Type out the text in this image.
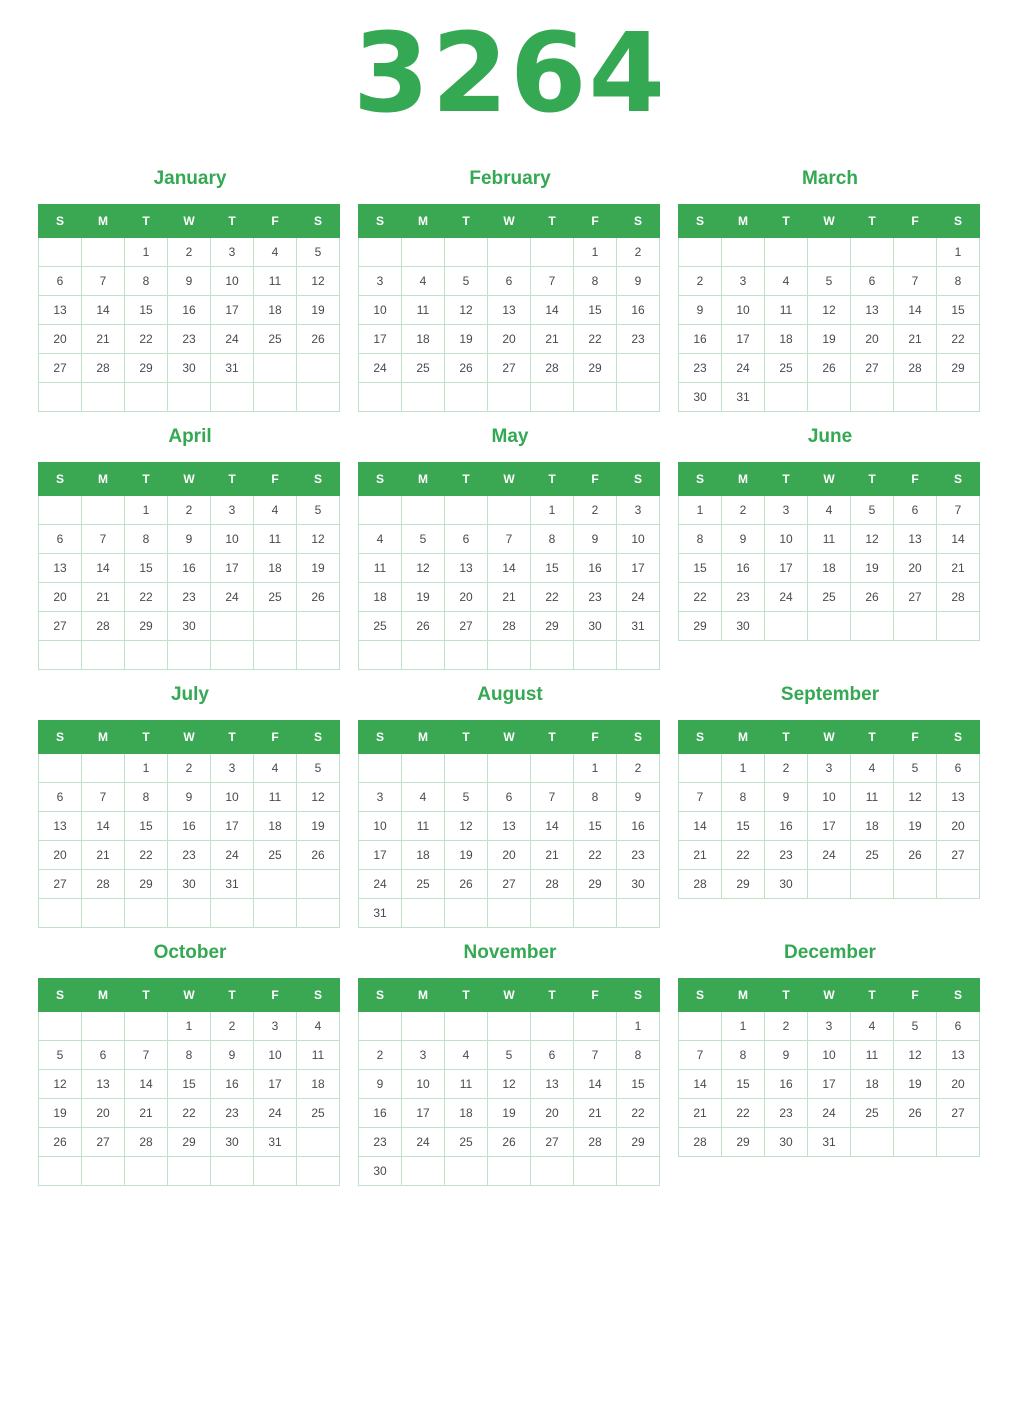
3264
January
S	M	T	W	T	F	S
		1	2	3	4	5
6	7	8	9	10	11	12
13	14	15	16	17	18	19
20	21	22	23	24	25	26
27	28	29	30	31		

February
S	M	T	W	T	F	S
					1	2
3	4	5	6	7	8	9
10	11	12	13	14	15	16
17	18	19	20	21	22	23
24	25	26	27	28	29	

March
S	M	T	W	T	F	S
						1
2	3	4	5	6	7	8
9	10	11	12	13	14	15
16	17	18	19	20	21	22
23	24	25	26	27	28	29
30	31					
April
S	M	T	W	T	F	S
		1	2	3	4	5
6	7	8	9	10	11	12
13	14	15	16	17	18	19
20	21	22	23	24	25	26
27	28	29	30			

May
S	M	T	W	T	F	S
				1	2	3
4	5	6	7	8	9	10
11	12	13	14	15	16	17
18	19	20	21	22	23	24
25	26	27	28	29	30	31

June
S	M	T	W	T	F	S
1	2	3	4	5	6	7
8	9	10	11	12	13	14
15	16	17	18	19	20	21
22	23	24	25	26	27	28
29	30					
July
S	M	T	W	T	F	S
		1	2	3	4	5
6	7	8	9	10	11	12
13	14	15	16	17	18	19
20	21	22	23	24	25	26
27	28	29	30	31		

August
S	M	T	W	T	F	S
					1	2
3	4	5	6	7	8	9
10	11	12	13	14	15	16
17	18	19	20	21	22	23
24	25	26	27	28	29	30
31						
September
S	M	T	W	T	F	S
	1	2	3	4	5	6
7	8	9	10	11	12	13
14	15	16	17	18	19	20
21	22	23	24	25	26	27
28	29	30				
October
S	M	T	W	T	F	S
			1	2	3	4
5	6	7	8	9	10	11
12	13	14	15	16	17	18
19	20	21	22	23	24	25
26	27	28	29	30	31	

November
S	M	T	W	T	F	S
						1
2	3	4	5	6	7	8
9	10	11	12	13	14	15
16	17	18	19	20	21	22
23	24	25	26	27	28	29
30						
December
S	M	T	W	T	F	S
	1	2	3	4	5	6
7	8	9	10	11	12	13
14	15	16	17	18	19	20
21	22	23	24	25	26	27
28	29	30	31			
